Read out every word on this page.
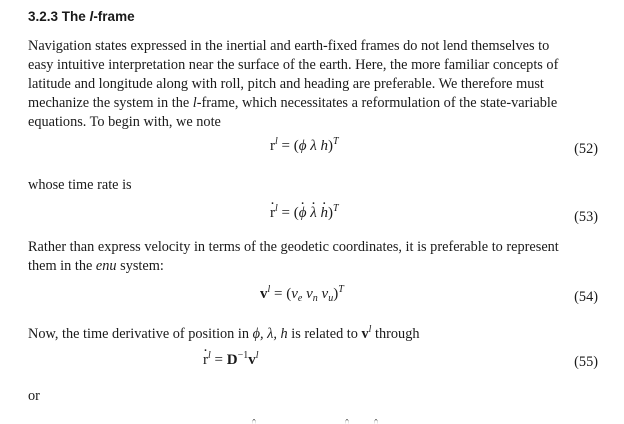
3.2.3 The l-frame
Navigation states expressed in the inertial and earth-fixed frames do not lend themselves to
easy intuitive interpretation near the surface of the earth. Here, the more familiar concepts of
latitude and longitude along with roll, pitch and heading are preferable. We therefore must
mechanize the system in the l-frame, which necessitates a reformulation of the state-variable
equations. To begin with, we note
$r^l = (\phi$ λ h)$^T$	(52)
whose time rate is
· $r^l$ = (· ϕ · λ · h)$^T$
(53)
Rather than express velocity in terms of the geodetic coordinates, it is preferable to represent
them in the enu system:
$v^l = (v_e$ $v_n$ $v_u)^T$	(54)
Now, the time derivative of position in ϕ, λ, h is related to $v^l$ through
· $r^l = D^{-1}v^l$	(55)
or
